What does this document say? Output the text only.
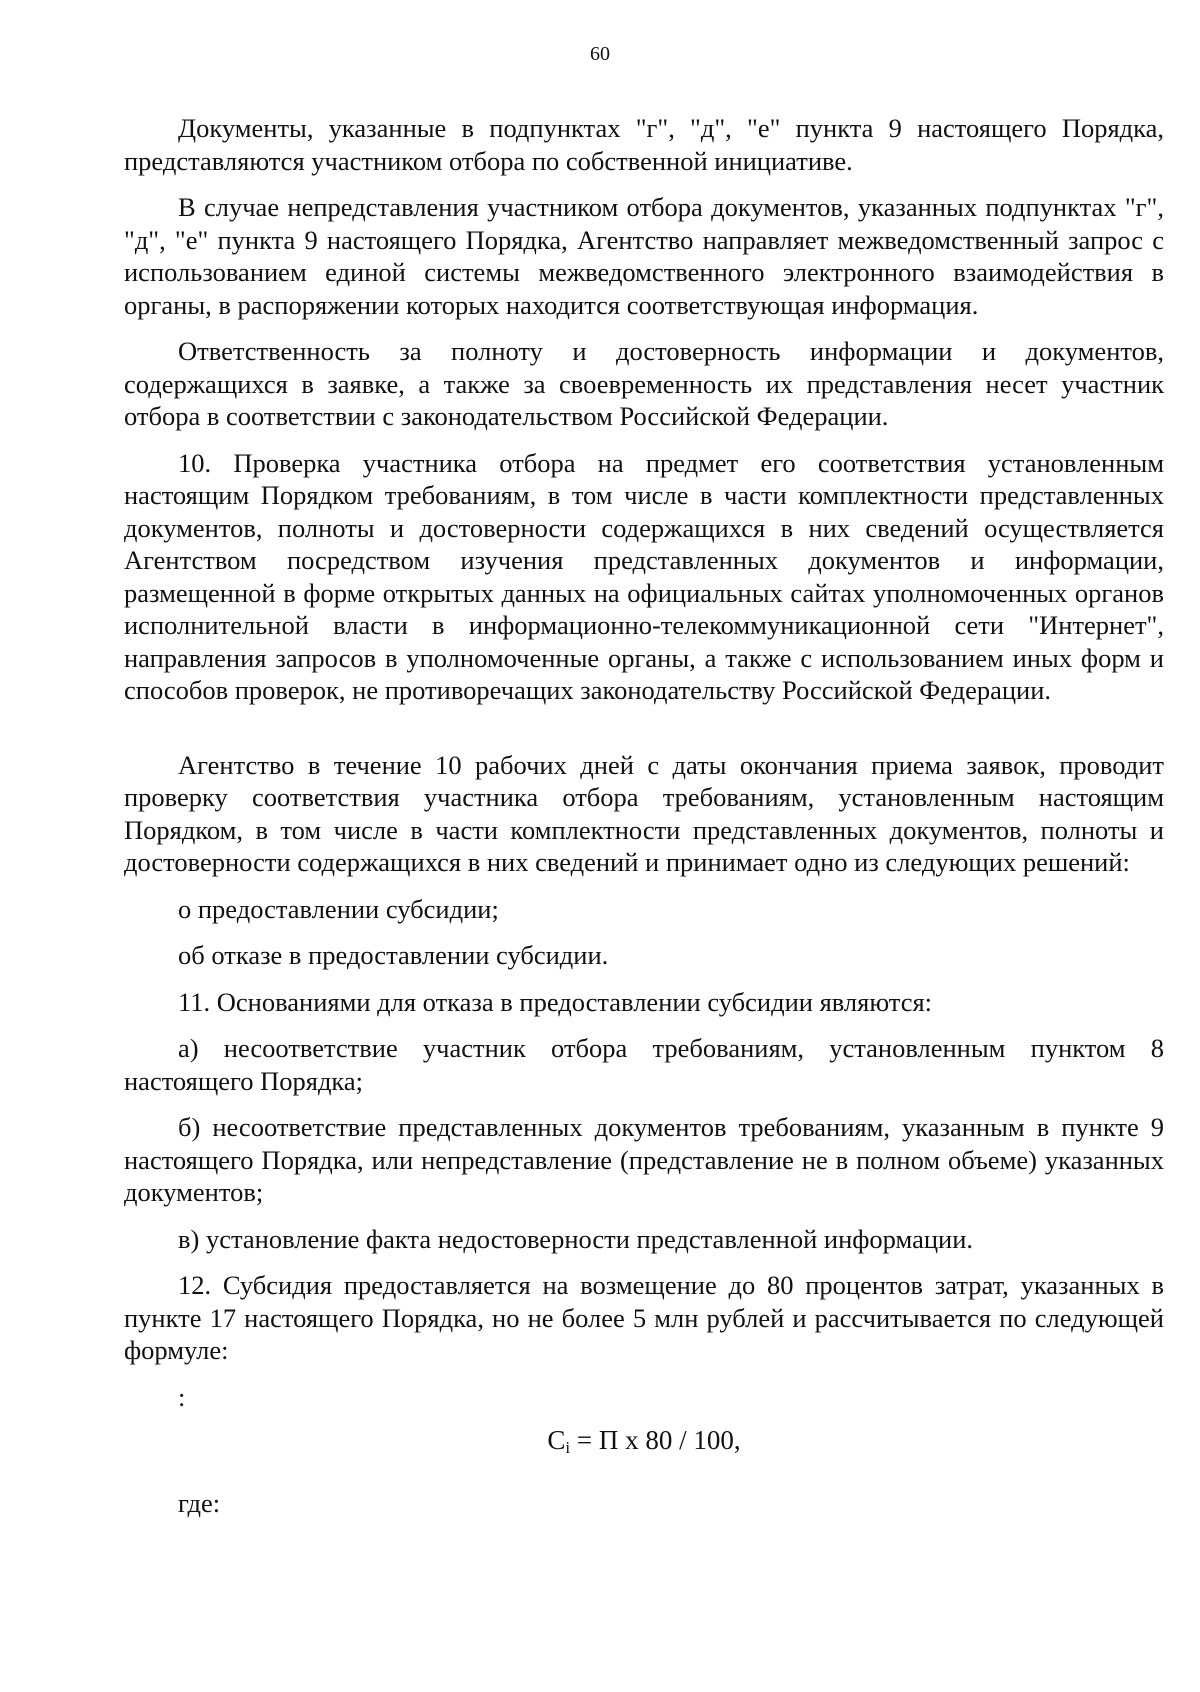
60

Документы, указанные в подпунктах "г", "д", "е" пункта 9 настоящего Порядка, представляются участником отбора по собственной инициативе.

В случае непредставления участником отбора документов, указанных подпунктах "г", "д", "е" пункта 9 настоящего Порядка, Агентство направляет межведомственный запрос с использованием единой системы межведомственного электронного взаимодействия в органы, в распоряжении которых находится соответствующая информация.

Ответственность за полноту и достоверность информации и документов, содержащихся в заявке, а также за своевременность их представления несет участник отбора в соответствии с законодательством Российской Федерации.

10. Проверка участника отбора на предмет его соответствия установленным настоящим Порядком требованиям, в том числе в части комплектности представленных документов, полноты и достоверности содержащихся в них сведений осуществляется Агентством посредством изучения представленных документов и информации, размещенной в форме открытых данных на официальных сайтах уполномоченных органов исполнительной власти в информационно-телекоммуникационной сети "Интернет", направления запросов в уполномоченные органы, а также с использованием иных форм и способов проверок, не противоречащих законодательству Российской Федерации.

Агентство в течение 10 рабочих дней с даты окончания приема заявок, проводит проверку соответствия участника отбора требованиям, установленным настоящим Порядком, в том числе в части комплектности представленных документов, полноты и достоверности содержащихся в них сведений и принимает одно из следующих решений:

о предоставлении субсидии;

об отказе в предоставлении субсидии.

11. Основаниями для отказа в предоставлении субсидии являются:

а) несоответствие участник отбора требованиям, установленным пунктом 8 настоящего Порядка;

б) несоответствие представленных документов требованиям, указанным в пункте 9 настоящего Порядка, или непредставление (представление не в полном объеме) указанных документов;

в) установление факта недостоверности представленной информации.

12. Субсидия предоставляется на возмещение до 80 процентов затрат, указанных в пункте 17 настоящего Порядка, но не более 5 млн рублей и рассчитывается по следующей формуле:

:

$C_i = П$ x 80 / 100,

где:
